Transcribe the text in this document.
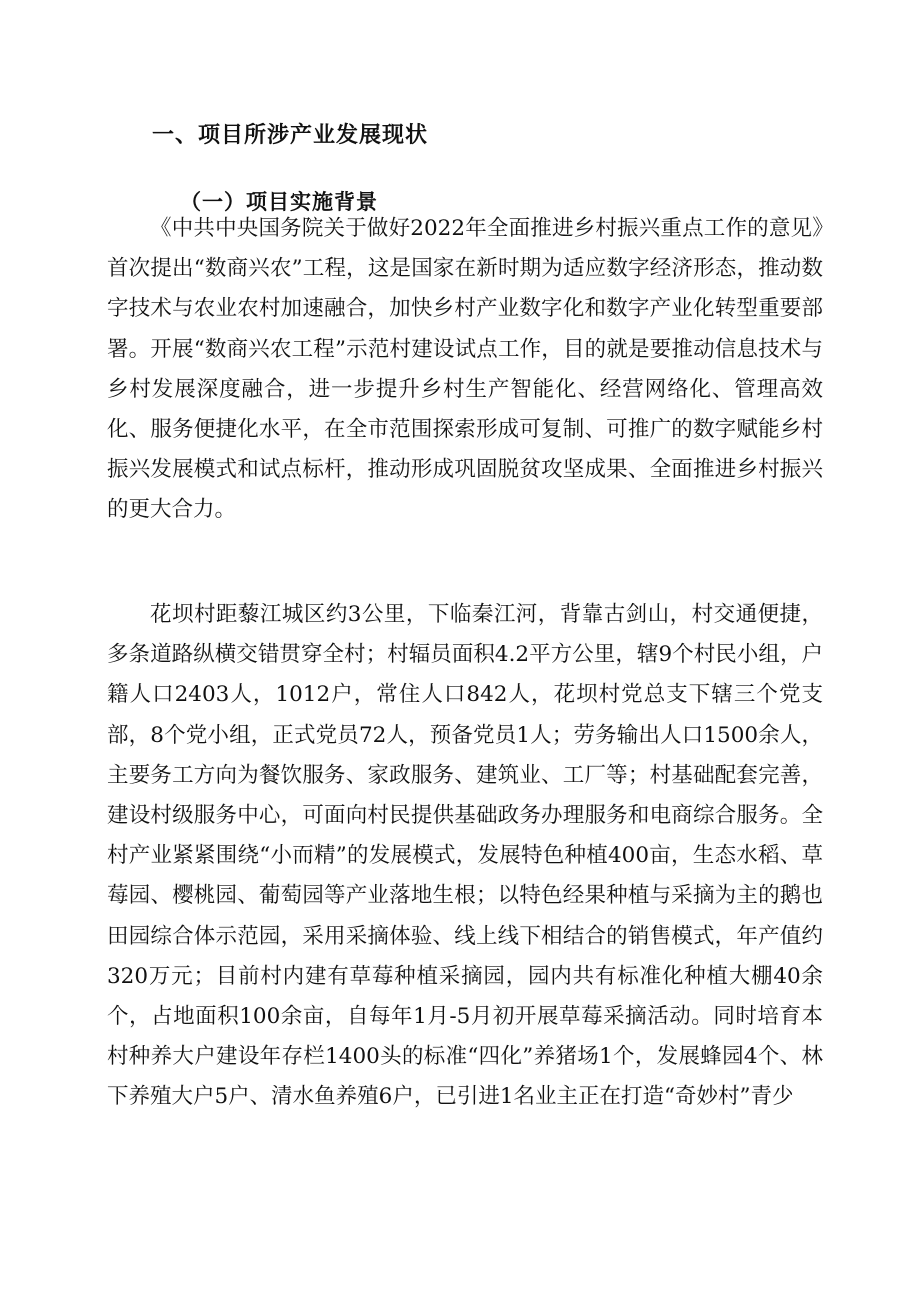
一、项目所涉产业发展现状
（一）项目实施背景

《中共中央国务院关于做好2022年全面推进乡村振兴重点工作的意见》首次提出“数商兴农”工程，这是国家在新时期为适应数字经济形态，推动数字技术与农业农村加速融合，加快乡村产业数字化和数字产业化转型重要部署。开展“数商兴农工程”示范村建设试点工作，目的就是要推动信息技术与乡村发展深度融合，进一步提升乡村生产智能化、经营网络化、管理高效化、服务便捷化水平，在全市范围探索形成可复制、可推广的数字赋能乡村振兴发展模式和试点标杆，推动形成巩固脱贫攻坚成果、全面推进乡村振兴的更大合力。

花坝村距藜江城区约3公里，下临秦江河，背靠古剑山，村交通便捷，多条道路纵横交错贯穿全村；村辐员面积4.2平方公里，辖9个村民小组，户籍人口2403人，1012户，常住人口842人，花坝村党总支下辖三个党支部，8个党小组，正式党员72人，预备党员1人；劳务输出人口1500余人，主要务工方向为餐饮服务、家政服务、建筑业、工厂等；村基础配套完善，建设村级服务中心，可面向村民提供基础政务办理服务和电商综合服务。全村产业紧紧围绕“小而精”的发展模式，发展特色种植400亩，生态水稻、草莓园、樱桃园、葡萄园等产业落地生根；以特色经果种植与采摘为主的鹅也田园综合体示范园，采用采摘体验、线上线下相结合的销售模式，年产值约320万元；目前村内建有草莓种植采摘园，园内共有标准化种植大棚40余个，占地面积100余亩，自每年1月-5月初开展草莓采摘活动。同时培育本村种养大户建设年存栏1400头的标准“四化”养猪场1个，发展蜂园4个、林下养殖大户5户、清水鱼养殖6户，已引进1名业主正在打造“奇妙村”青少
